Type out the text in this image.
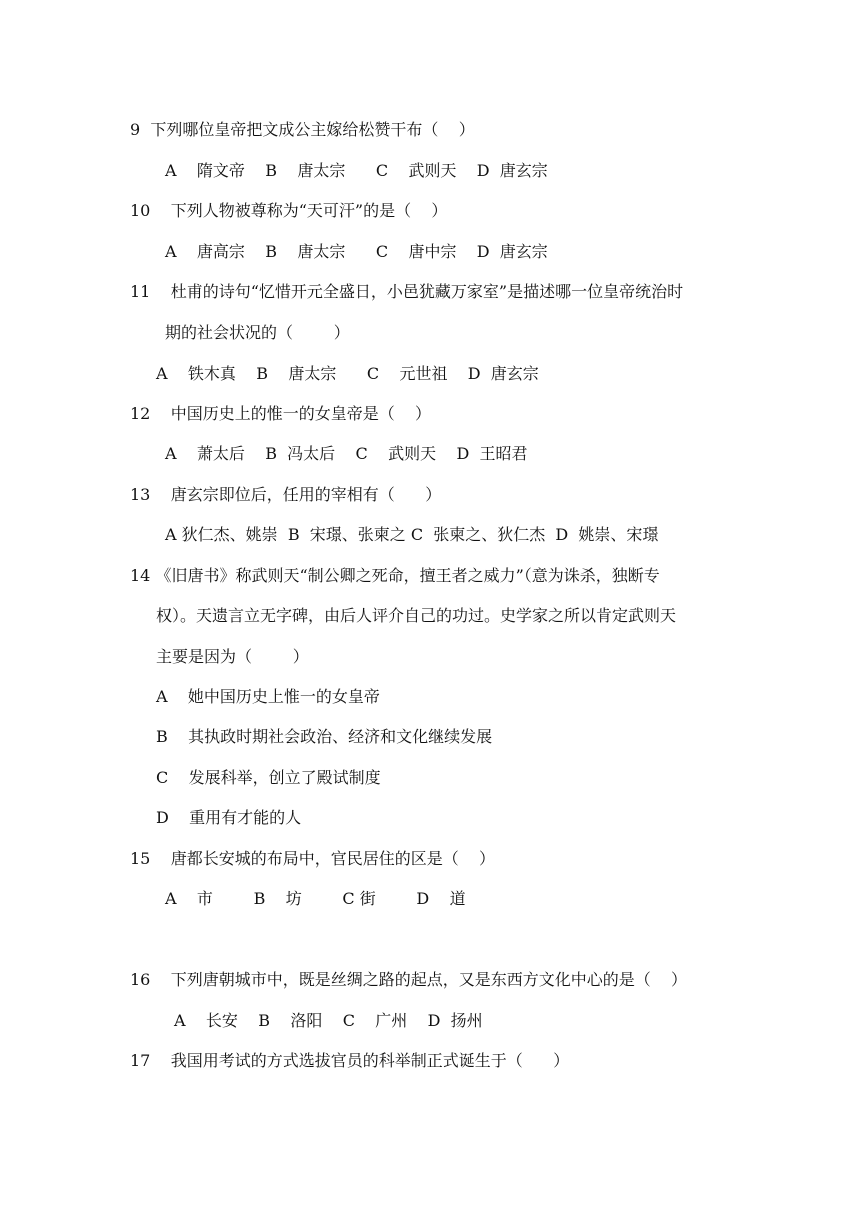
9  下列哪位皇帝把文成公主嫁给松赞干布（    ）
A    隋文帝    B    唐太宗      C    武则天    D  唐玄宗
10    下列人物被尊称为“天可汗”的是（    ）
A    唐高宗    B    唐太宗      C    唐中宗    D  唐玄宗
11    杜甫的诗句“忆惜开元全盛日，小邑犹藏万家室”是描述哪一位皇帝统治时
期的社会状况的（        ）
A    铁木真    B    唐太宗      C    元世祖    D  唐玄宗
12    中国历史上的惟一的女皇帝是（    ）
A    萧太后    B  冯太后    C    武则天    D  王昭君
13    唐玄宗即位后，任用的宰相有（      ）
A 狄仁杰、姚崇  B  宋璟、张柬之 C  张柬之、狄仁杰  D  姚崇、宋璟
14 《旧唐书》称武则天“制公卿之死命，擅王者之威力”（意为诛杀，独断专
权）。天遗言立无字碑，由后人评介自己的功过。史学家之所以肯定武则天
主要是因为（        ）
A    她中国历史上惟一的女皇帝
B    其执政时期社会政治、经济和文化继续发展
C    发展科举，创立了殿试制度
D    重用有才能的人
15    唐都长安城的布局中，官民居住的区是（    ）
A    市        B    坊        C 街        D    道
16    下列唐朝城市中，既是丝绸之路的起点，又是东西方文化中心的是（    ）
A    长安    B    洛阳    C    广州    D  扬州
17    我国用考试的方式选拔官员的科举制正式诞生于（      ）
